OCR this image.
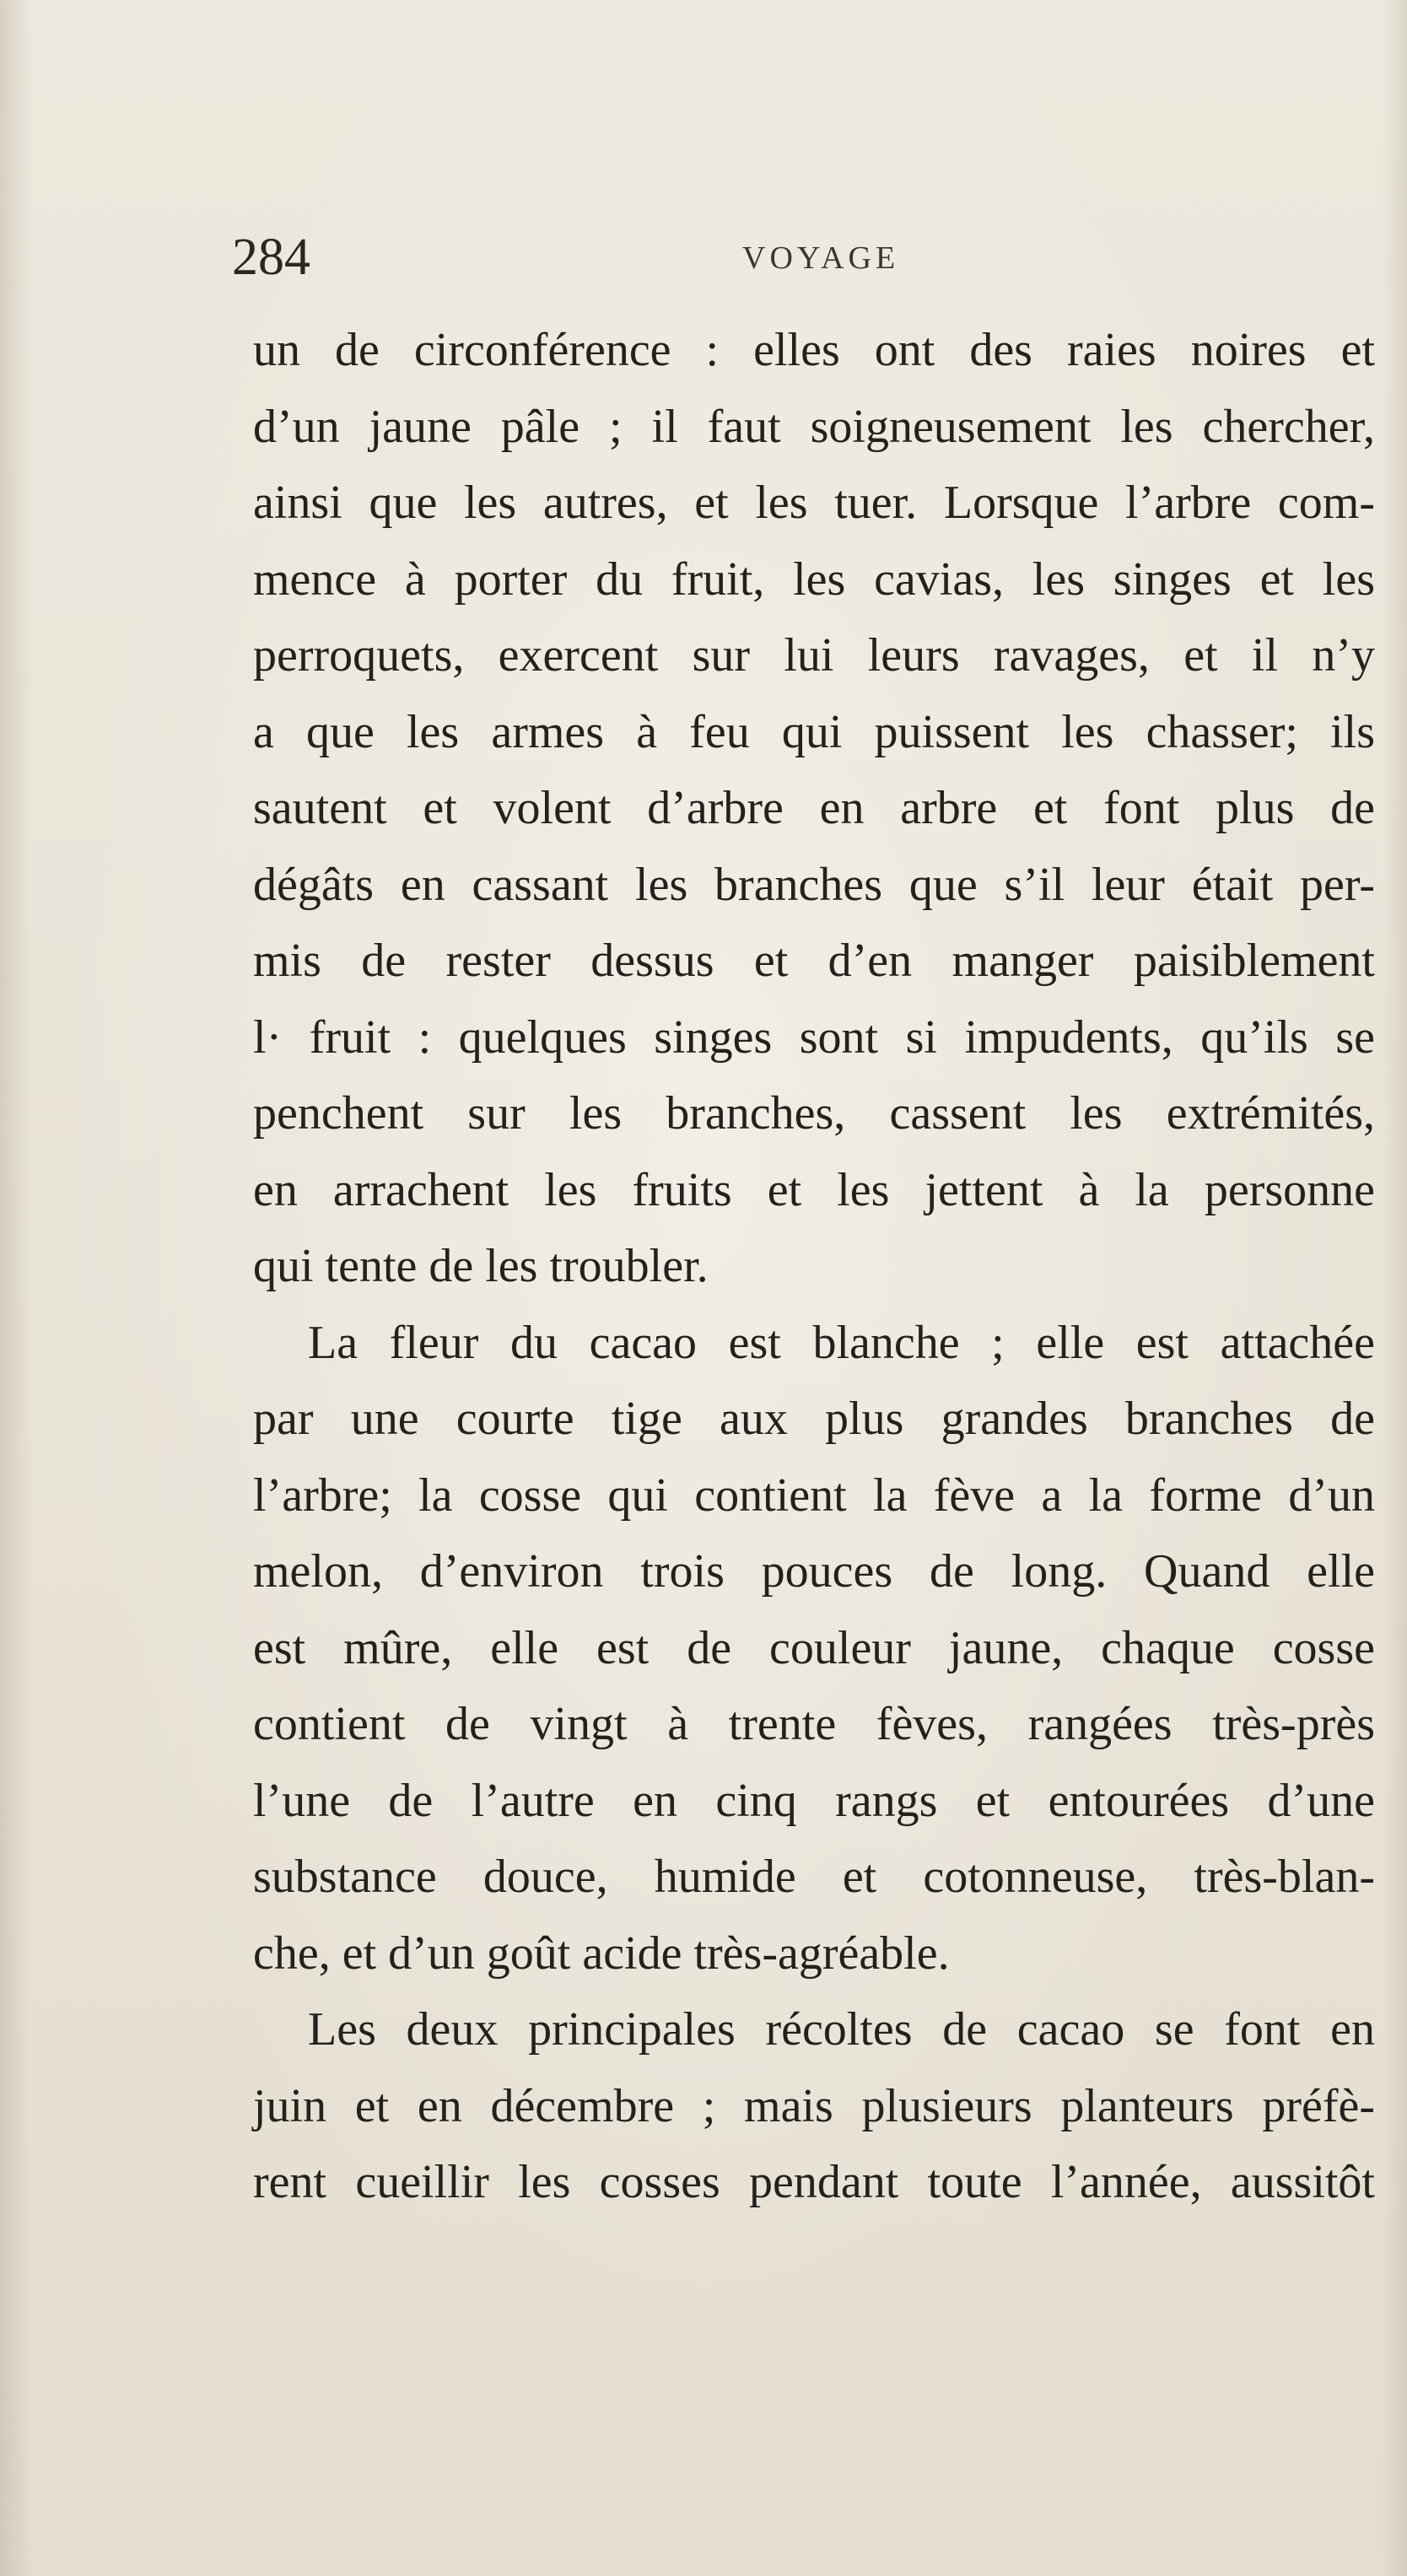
284	VOYAGE
un de circonférence : elles ont des raies noires et
d’un jaune pâle ; il faut soigneusement les chercher,
ainsi que les autres, et les tuer. Lorsque l’arbre com-
mence à porter du fruit, les cavias, les singes et les
perroquets, exercent sur lui leurs ravages, et il n’y
a que les armes à feu qui puissent les chasser; ils
sautent et volent d’arbre en arbre et font plus de
dégâts en cassant les branches que s’il leur était per-
mis de rester dessus et d’en manger paisiblement
l· fruit : quelques singes sont si impudents, qu’ils se
penchent sur les branches, cassent les extrémités,
en arrachent les fruits et les jettent à la personne
qui tente de les troubler.
La fleur du cacao est blanche ; elle est attachée
par une courte tige aux plus grandes branches de
l’arbre; la cosse qui contient la fève a la forme d’un
melon, d’environ trois pouces de long. Quand elle
est mûre, elle est de couleur jaune, chaque cosse
contient de vingt à trente fèves, rangées très-près
l’une de l’autre en cinq rangs et entourées d’une
substance douce, humide et cotonneuse, très-blan-
che, et d’un goût acide très-agréable.
Les deux principales récoltes de cacao se font en
juin et en décembre ; mais plusieurs planteurs préfè-
rent cueillir les cosses pendant toute l’année, aussitôt
